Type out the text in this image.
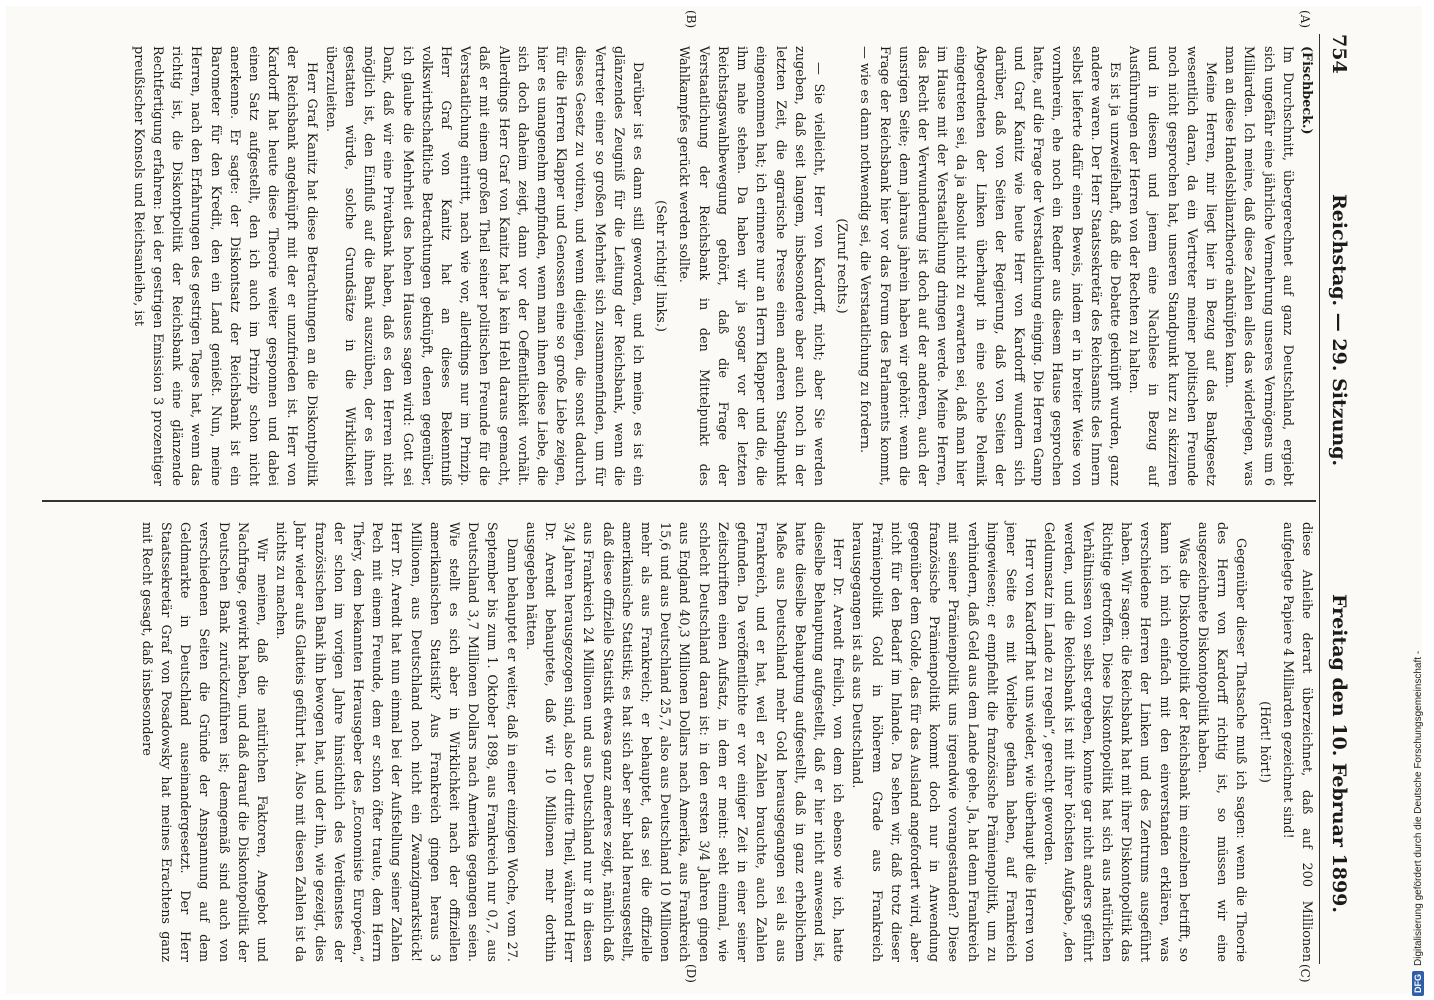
754
Reichstag. — 29. Sitzung.
Freitag den 10. Februar 1899.
(A)
(B)
(C)
(D)

(Fischbeck.)

Im Durchschnitt, übergerechnet auf ganz Deutschland, ergiebt sich ungefähr eine jährliche Vermehrung unseres Vermögens um 6 Milliarden. Ich meine, daß diese Zahlen alles das widerlegen, was man an diese Handelsbilanztheorie anknüpfen kann.

Meine Herren, mir liegt hier in Bezug auf das Bankgesetz wesentlich daran, da ein Vertreter meiner politischen Freunde noch nicht gesprochen hat, unseren Standpunkt kurz zu skizziren und in diesem und jenem eine Nachlese in Bezug auf Ausführungen der Herren von der Rechten zu halten.

Es ist ja unzweifelhaft, daß die Debatte geknüpft wurden, ganz andere waren. Der Herr Staatssekretär des Reichsamts des Innern selbst lieferte dafür einen Beweis, indem er in breiter Weise von vornherein, ehe noch ein Redner aus diesem Hause gesprochen hatte, auf die Frage der Verstaatlichung einging. Die Herren Gamp und Graf Kanitz wie heute Herr von Kardorff wundern sich darüber, daß von Seiten der Regierung, daß von Seiten der Abgeordneten der Linken überhaupt in eine solche Polemik eingetreten sei, da ja absolut nicht zu erwarten sei, daß man hier im Hause mit der Verstaatlichung dringen werde. Meine Herren, das Recht der Verwunderung ist doch auf der anderen, auch der unsrigen Seite; denn jahraus jahrein haben wir gehört: wenn die Frage der Reichsbank hier vor das Forum des Parlaments kommt, — wie es dann nothwendig sei, die Verstaatlichung zu fordern.

(Zuruf rechts.)

— Sie vielleicht, Herr von Kardorff, nicht; aber Sie werden zugeben, daß seit langem, insbesondere aber auch noch in der letzten Zeit, die agrarische Presse einen anderen Standpunkt eingenommen hat; ich erinnere nur an Herrn Klapper und die, die ihm nahe stehen. Da haben wir ja sogar vor der letzten Reichstagswahlbewegung gehört, daß die Frage der Verstaatlichung der Reichsbank in den Mittelpunkt des Wahlkampfes gerückt werden sollte.

(Sehr richtig! links.)

Darüber ist es dann still geworden, und ich meine, es ist ein glänzendes Zeugniß für die Leitung der Reichsbank, wenn die Vertreter einer so großen Mehrheit sich zusammenfinden, um für dieses Gesetz zu votiren, und wenn diejenigen, die sonst dadurch für die Herren Klapper und Genossen eine so große Liebe zeigen, hier es unangenehm empfinden, wenn man ihnen diese Liebe, die sich doch daheim zeigt, dann vor der Oeffentlichkeit vorhält. Allerdings Herr Graf von Kanitz hat ja kein Hehl daraus gemacht, daß er mit einem großen Theil seiner politischen Freunde für die Verstaatlichung eintritt, nach wie vor, allerdings nur im Prinzip. Herr Graf von Kanitz hat an dieses Bekenntniß volkswirthschaftliche Betrachtungen geknüpft, denen gegenüber, ich glaube die Mehrheit des hohen Hauses sagen wird: Gott sei Dank, daß wir eine Privatbank haben, daß es den Herren nicht möglich ist, den Einfluß auf die Bank auszuüben, der es ihnen gestatten würde, solche Grundsätze in die Wirklichkeit überzuleiten.

Herr Graf Kanitz hat diese Betrachtungen an die Diskontpolitik der Reichsbank angeknüpft mit der er unzufrieden ist. Herr von Kardorff hat heute diese Theorie weiter gesponnen und dabei einen Satz aufgestellt, den ich auch im Prinzip schon nicht anerkenne. Er sagte: der Diskontsatz der Reichsbank ist ein Barometer für den Kredit, den ein Land genießt. Nun, meine Herren, nach den Erfahrungen des gestrigen Tages hat, wenn das richtig ist, die Diskontpolitik der Reichsbank eine glänzende Rechtfertigung erfahren: bei der gestrigen Emission 3 prozentiger preußischer Konsols und Reichsanleihe, ist

diese Anleihe derart überzeichnet, daß auf 200 Millionen aufgelegte Papiere 4 Milliarden gezeichnet sind!

(Hört! hört!)

Gegenüber dieser Thatsache muß ich sagen: wenn die Theorie des Herrn von Kardorff richtig ist, so müssen wir eine ausgezeichnete Diskontopolitik haben.

Was die Diskontopolitik der Reichsbank im einzelnen betrifft, so kann ich mich einfach mit den einverstanden erklären, was verschiedene Herren der Linken und des Zentrums ausgeführt haben. Wir sagen: die Reichsbank hat mit ihrer Diskontopolitik das Richtige getroffen. Diese Diskontopolitik hat sich aus natürlichen Verhältnissen von selbst ergeben, konnte gar nicht anders geführt werden, und die Reichsbank ist mit ihrer höchsten Aufgabe, „den Geldumsatz im Lande zu regeln“, gerecht geworden.

Herr von Kardorff hat uns wieder, wie überhaupt die Herren von jener Seite es mit Vorliebe gethan haben, auf Frankreich hingewiesen; er empfiehlt die französische Prämienpolitik, um zu verhindern, daß Geld aus dem Lande gehe. Ja, hat denn Frankreich mit seiner Prämienpolitik uns irgendwie vorangestanden? Diese französische Prämienpolitik kommt doch nur in Anwendung gegenüber dem Golde, das für das Ausland angefordert wird, aber nicht für den Bedarf im Inlande. Da sehen wir, daß trotz dieser Prämienpolitik Gold in höherem Grade aus Frankreich herausgegangen ist als aus Deutschland.

Herr Dr. Arendt freilich, von dem ich ebenso wie ich, hatte dieselbe Behauptung aufgestellt, daß er hier nicht anwesend ist, hatte dieselbe Behauptung aufgestellt, daß in ganz erheblichem Maße aus Deutschland mehr Gold herausgegangen sei als aus Frankreich, und er hat, weil er Zahlen brauchte, auch Zahlen gefunden. Da veröffentlichte er vor einiger Zeit in einer seiner Zeitschriften einen Aufsatz, in dem er meint: seht einmal, wie schlecht Deutschland daran ist: in den ersten 3/4 Jahren gingen aus England 40,3 Millionen Dollars nach Amerika, aus Frankreich 15,6 und aus Deutschland 25,7, also aus Deutschland 10 Millionen mehr als aus Frankreich; er behauptet, das sei die offizielle amerikanische Statistik; es hat sich aber sehr bald herausgestellt, daß diese offizielle Statistik etwas ganz anderes zeigt, nämlich daß aus Frankreich 24 Millionen und aus Deutschland nur 8 in diesen 3/4 Jahren herausgezogen sind, also der dritte Theil, während Herr Dr. Arendt behauptete, daß wir 10 Millionen mehr dorthin ausgegeben hätten.

Dann behauptet er weiter, daß in einer einzigen Woche, vom 27. September bis zum 1. Oktober 1898, aus Frankreich nur 0,7, aus Deutschland 3,7 Millionen Dollars nach Amerika gegangen seien. Wie stellt es sich aber in Wirklichkeit nach der offiziellen amerikanischen Statistik? Aus Frankreich gingen heraus 3 Millionen, aus Deutschland noch nicht ein Zwanzigmarkstück! Herr Dr. Arendt hat nun einmal bei der Aufstellung seiner Zahlen Pech mit einem Freunde, dem er schon öfter traute, dem Herrn Théry, dem bekannten Herausgeber des „Economiste Européen,“ der schon im vorigen Jahre hinsichtlich des Verdienstes der französischen Bank ihn bewogen hat, und der ihn, wie gezeigt, dies Jahr wieder aufs Glatteis geführt hat. Also mit diesen Zahlen ist da nichts zu machen.

Wir meinen, daß die natürlichen Faktoren, Angebot und Nachfrage, gewirkt haben, und daß darauf die Diskontopolitik der Deutschen Bank zurückzuführen ist; demgemäß sind auch von verschiedenen Seiten die Gründe der Anspannung auf dem Geldmarkte in Deutschland auseinandergesetzt. Der Herr Staatssekretär Graf von Posadowsky hat meines Erachtens ganz mit Recht gesagt, daß insbesondere

DFG
Digitalisierung gefördert durch die Deutsche Forschungsgemeinschaft -
